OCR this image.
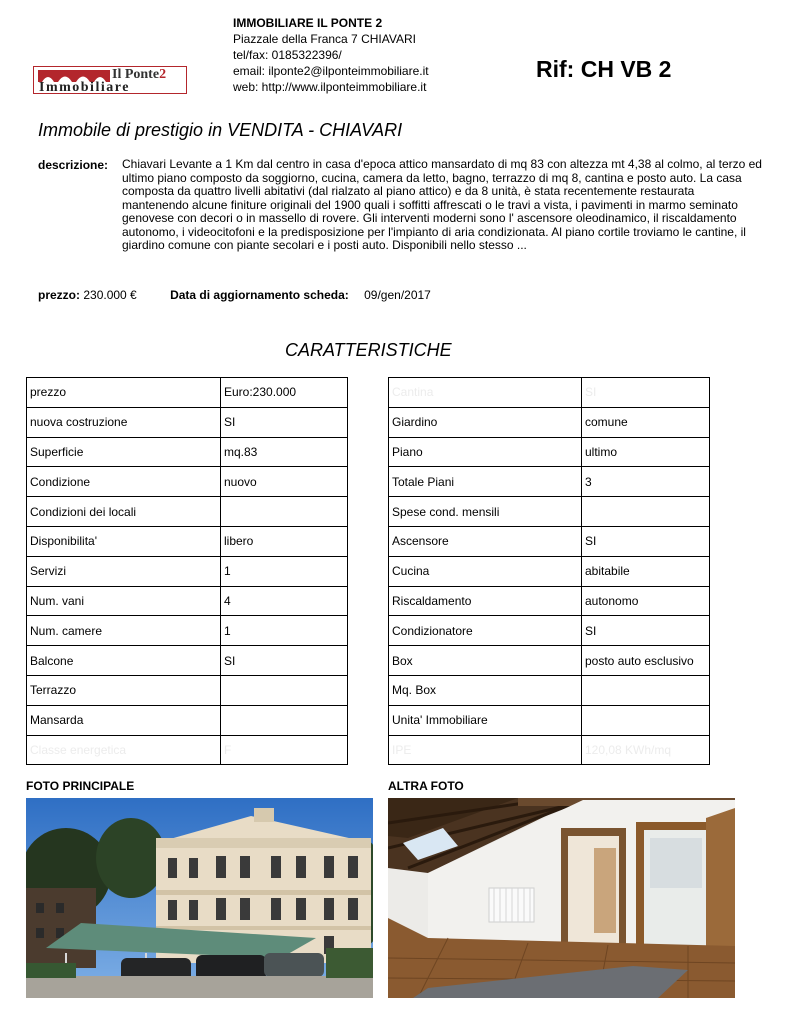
Il Ponte2
Immobiliare
IMMOBILIARE IL PONTE 2
Piazzale della Franca 7 CHIAVARI
tel/fax: 0185322396/
email: ilponte2@ilponteimmobiliare.it
web: http://www.ilponteimmobiliare.it
Rif: CH VB 2
Immobile di prestigio in VENDITA - CHIAVARI
descrizione: Chiavari Levante a 1 Km dal centro in casa d'epoca attico mansardato di mq 83 con altezza mt 4,38 al colmo, al terzo ed ultimo piano composto da soggiorno, cucina, camera da letto, bagno, terrazzo di mq 8, cantina e posto auto. La casa composta da quattro livelli abitativi (dal rialzato al piano attico) e da 8 unità, è stata recentemente restaurata mantenendo alcune finiture originali del 1900 quali i soffitti affrescati o le travi a vista, i pavimenti in marmo seminato genovese con decori o in massello di rovere. Gli interventi moderni sono l' ascensore oleodinamico, il riscaldamento autonomo, i videocitofoni e la predisposizione per l'impianto di aria condizionata. Al piano cortile troviamo le cantine, il giardino comune con piante secolari e i posti auto. Disponibili nello stesso ...
prezzo: 230.000 €	Data di aggiornamento scheda: 09/gen/2017
CARATTERISTICHE
prezzo	Euro:230.000
nuova costruzione	SI
Superficie	mq.83
Condizione	nuovo
Condizioni dei locali	
Disponibilita'	libero
Servizi	1
Num. vani	4
Num. camere	1
Balcone	SI
Terrazzo	
Mansarda	
Classe energetica	F
Cantina	SI
Giardino	comune
Piano	ultimo
Totale Piani	3
Spese cond. mensili	
Ascensore	SI
Cucina	abitabile
Riscaldamento	autonomo
Condizionatore	SI
Box	posto auto esclusivo
Mq. Box	
Unita' Immobiliare	
IPE	120,08 KWh/mq
FOTO PRINCIPALE	ALTRA FOTO
